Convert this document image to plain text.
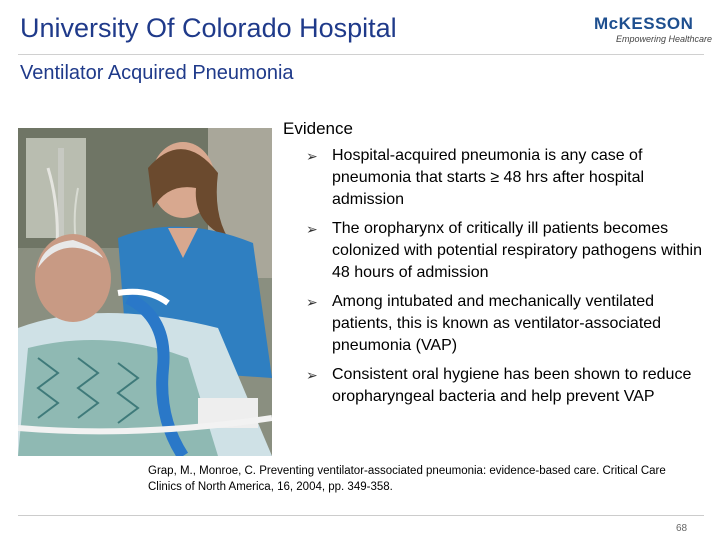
University Of Colorado Hospital
Ventilator Acquired Pneumonia
McKESSON
Empowering Healthcare
Evidence
➢ Hospital-acquired pneumonia is any case of pneumonia that starts ≥ 48 hrs after hospital admission
➢ The oropharynx of critically ill patients becomes colonized with potential respiratory pathogens within 48 hours of admission
➢ Among intubated and mechanically ventilated patients, this is known as ventilator-associated pneumonia (VAP)
➢ Consistent oral hygiene has been shown to reduce oropharyngeal bacteria and help prevent VAP
Grap, M., Monroe, C. Preventing ventilator-associated pneumonia: evidence-based care. Critical Care Clinics of North America, 16, 2004, pp. 349-358.
68
